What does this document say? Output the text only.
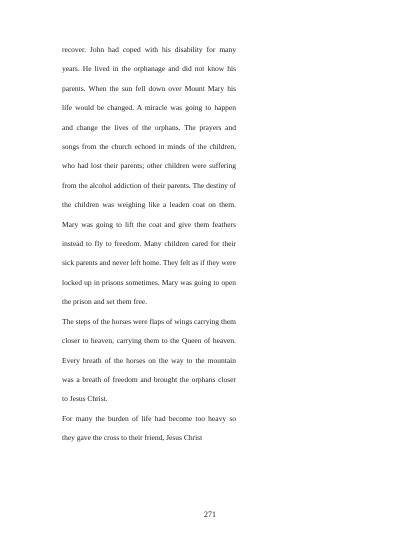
recover. John had coped with his disability for many years. He lived in the orphanage and did not know his parents. When the sun fell down over Mount Mary his life would be changed. A miracle was going to happen and change the lives of the orphans. The prayers and songs from the church echoed in minds of the children, who had lost their parents; other children were suffering from the alcohol addiction of their parents. The destiny of the children was weighing like a leaden coat on them. Mary was going to lift the coat and give them feathers instead to fly to freedom. Many children cared for their sick parents and never left home. They felt as if they were locked up in prisons sometimes. Mary was going to open the prison and set them free.

The steps of the horses were flaps of wings carrying them closer to heaven, carrying them to the Queen of heaven. Every breath of the horses on the way to the mountain was a breath of freedom and brought the orphans closer to Jesus Christ.

For many the burden of life had become too heavy so they gave the cross to their friend, Jesus Christ

271
